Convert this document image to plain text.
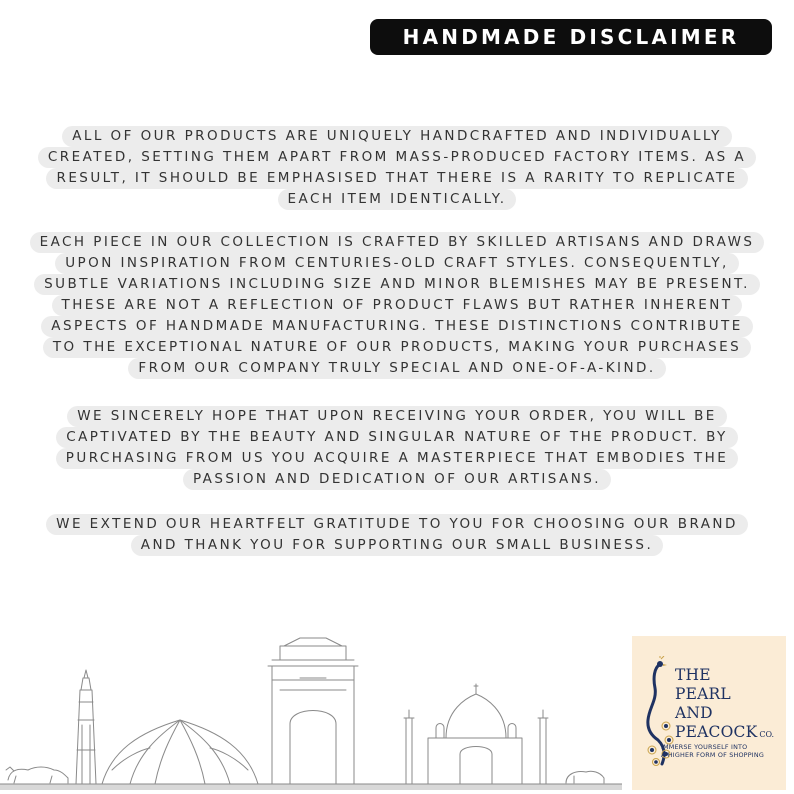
HANDMADE DISCLAIMER
ALL OF OUR PRODUCTS ARE UNIQUELY HANDCRAFTED AND INDIVIDUALLY
CREATED, SETTING THEM APART FROM MASS-PRODUCED FACTORY ITEMS. AS A
RESULT, IT SHOULD BE EMPHASISED THAT THERE IS A RARITY TO REPLICATE
EACH ITEM IDENTICALLY.
EACH PIECE IN OUR COLLECTION IS CRAFTED BY SKILLED ARTISANS AND DRAWS
UPON INSPIRATION FROM CENTURIES-OLD CRAFT STYLES. CONSEQUENTLY,
SUBTLE VARIATIONS INCLUDING SIZE AND MINOR BLEMISHES MAY BE PRESENT.
THESE ARE NOT A REFLECTION OF PRODUCT FLAWS BUT RATHER INHERENT
ASPECTS OF HANDMADE MANUFACTURING. THESE DISTINCTIONS CONTRIBUTE
TO THE EXCEPTIONAL NATURE OF OUR PRODUCTS, MAKING YOUR PURCHASES
FROM OUR COMPANY TRULY SPECIAL AND ONE-OF-A-KIND.
WE SINCERELY HOPE THAT UPON RECEIVING YOUR ORDER, YOU WILL BE
CAPTIVATED BY THE BEAUTY AND SINGULAR NATURE OF THE PRODUCT. BY
PURCHASING FROM US YOU ACQUIRE A MASTERPIECE THAT EMBODIES THE
PASSION AND DEDICATION OF OUR ARTISANS.
WE EXTEND OUR HEARTFELT GRATITUDE TO YOU FOR CHOOSING OUR BRAND
AND THANK YOU FOR SUPPORTING OUR SMALL BUSINESS.

THE
PEARL
AND
PEACOCK CO.

IMMERSE YOURSELF INTO
A HIGHER FORM OF SHOPPING
